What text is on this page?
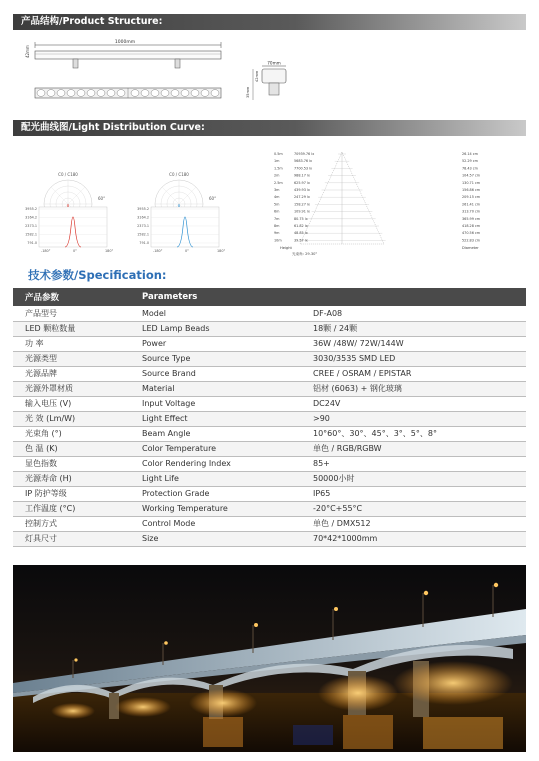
产品结构/Product Structure:
1000mm
42mm
70mm
42mm
35mm
配光曲线图/Light Distribution Curve:
C0 / C180
60°
C0 / C180
60°
3955.2
3164.2
2373.1
1582.1
791.0
-180°	0°	180°
3955.2
3164.2
2373.1
1582.1
791.0
-180°	0°	180°
0.5m	70939.76 lx	26.14 cm
1m	5683.76 lx	52.29 cm
1.5m	7700.53 lx	78.43 cm
2m	988.17 lx	104.57 cm
2.5m	625.97 lx	130.71 cm
3m	439.93 lx	156.86 cm
4m	247.29 lx	209.15 cm
5m	158.27 lx	261.41 cm
6m	109.91 lx	313.70 cm
7m	80.75 lx	365.99 cm
8m	61.82 lx	418.28 cm
9m	48.85 lx	470.56 cm
10m	39.57 lx	522.83 cm
Height	Diameter
光束角: 29.30°
技术参数/Specification:
产品参数	Parameters	
产品型号	Model	DF-A08
LED 颗粒数量	LED Lamp Beads	18颗 / 24颗
功 率	Power	36W /48W/ 72W/144W
光源类型	Source Type	3030/3535 SMD LED
光源品牌	Source Brand	CREE / OSRAM / EPISTAR
光源外罩材质	Material	铝材 (6063) + 钢化玻璃
输入电压 (V)	Input Voltage	DC24V
光 效 (Lm/W)	Light Effect	>90
光束角 (°)	Beam Angle	10°60°、30°、45°、3°、5°、8°
色 温 (K)	Color Temperature	单色 / RGB/RGBW
显色指数	Color Rendering Index	85+
光源寿命 (H)	Light Life	50000小时
IP 防护等级	Protection Grade	IP65
工作温度 (°C)	Working Temperature	-20°C+55°C
控制方式	Control Mode	单色 / DMX512
灯具尺寸	Size	70*42*1000mm
